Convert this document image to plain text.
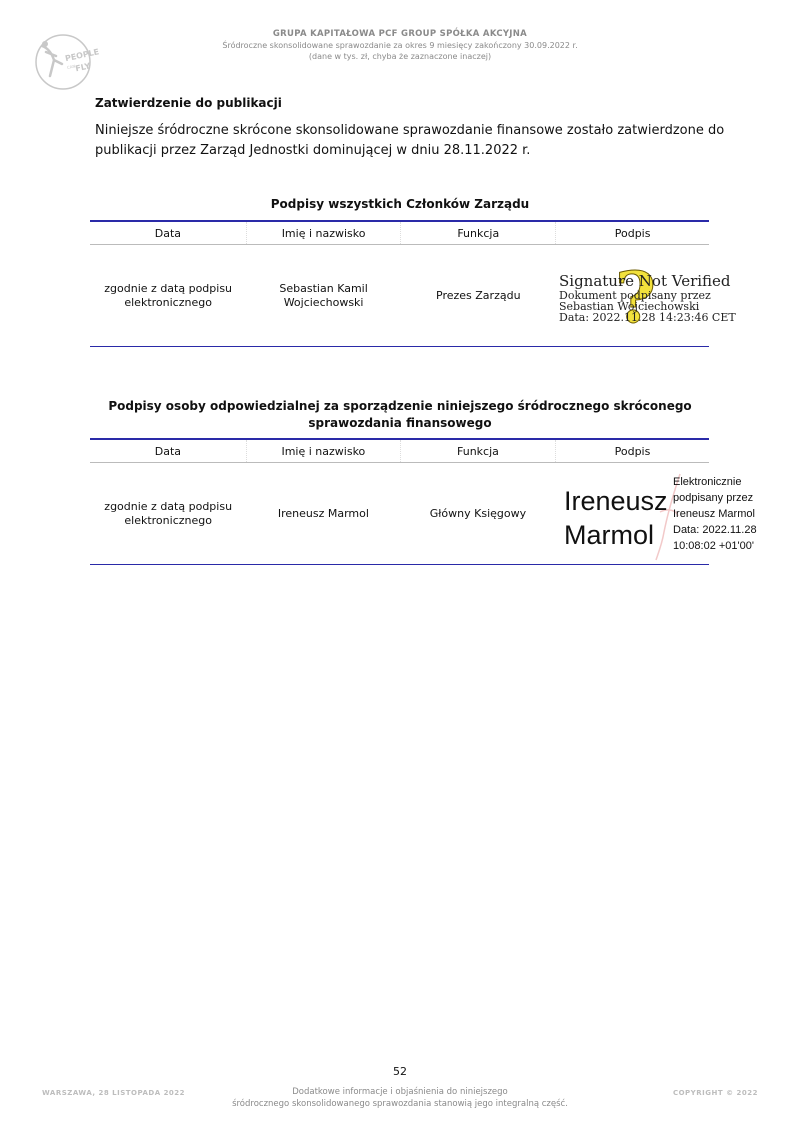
PEOPLE
CAN
FLY
GRUPA KAPITAŁOWA PCF GROUP SPÓŁKA AKCYJNA
Śródroczne skonsolidowane sprawozdanie za okres 9 miesięcy zakończony 30.09.2022 r.
(dane w tys. zł, chyba że zaznaczone inaczej)
Zatwierdzenie do publikacji
Niniejsze śródroczne skrócone skonsolidowane sprawozdanie finansowe zostało zatwierdzone do publikacji przez Zarząd Jednostki dominującej w dniu 28.11.2022 r.
Podpisy wszystkich Członków Zarządu
Data	Imię i nazwisko	Funkcja	Podpis

zgodnie z datą podpisu elektronicznego	Sebastian Kamil Wojciechowski	Prezes Zarządu	?
Signature Not Verified
Dokument podpisany przez
Sebastian Wojciechowski
Data: 2022.11.28 14:23:46 CET
Podpisy osoby odpowiedzialnej za sporządzenie niniejszego śródrocznego skróconego sprawozdania finansowego
Data	Imię i nazwisko	Funkcja	Podpis

zgodnie z datą podpisu elektronicznego	Ireneusz Marmol	Główny Księgowy	Ireneusz
Marmol
Elektronicznie
podpisany przez
Ireneusz Marmol
Data: 2022.11.28
10:08:02 +01'00'
52
WARSZAWA, 28 LISTOPADA 2022	Dodatkowe informacje i objaśnienia do niniejszego
śródrocznego skonsolidowanego sprawozdania stanowią jego integralną część.
COPYRIGHT © 2022
